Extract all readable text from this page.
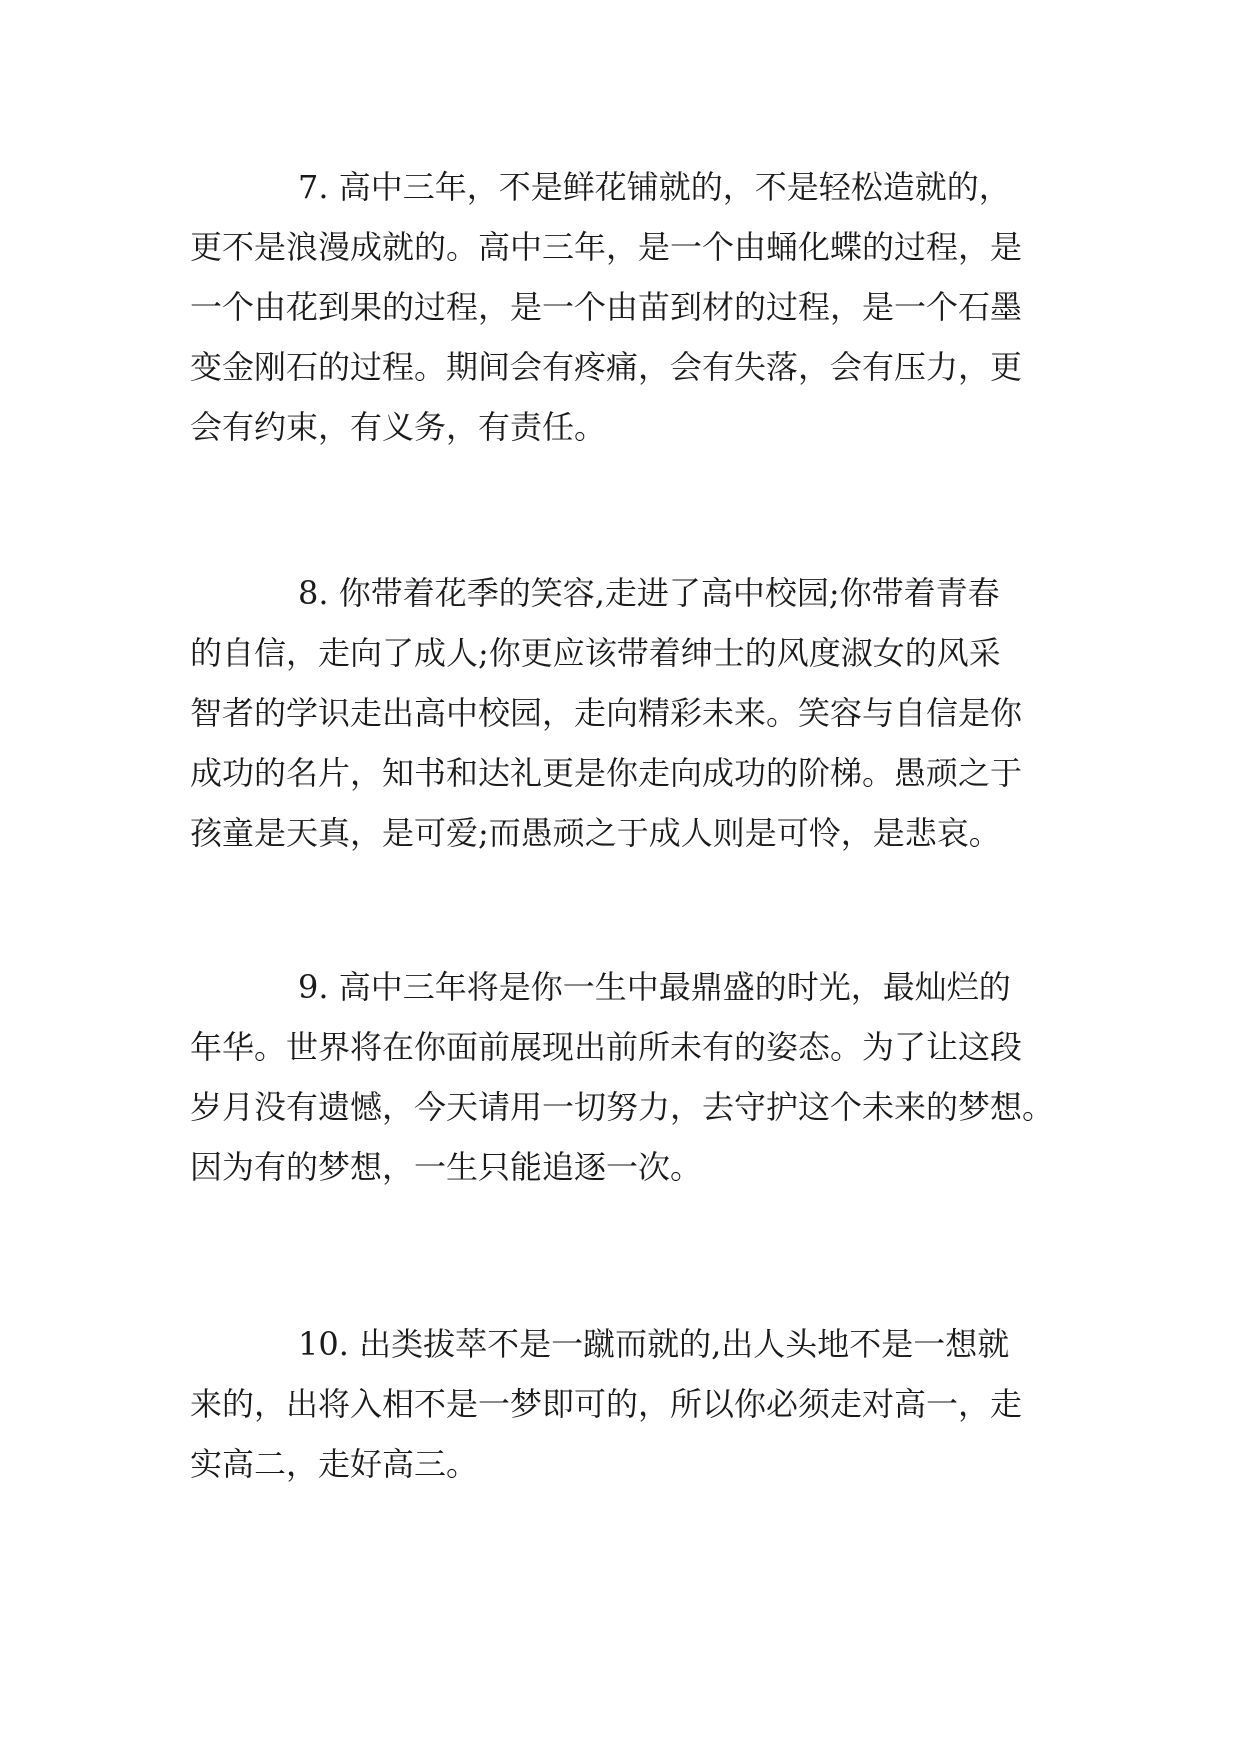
7. 高中三年，不是鲜花铺就的，不是轻松造就的，
更不是浪漫成就的。高中三年，是一个由蛹化蝶的过程，是
一个由花到果的过程，是一个由苗到材的过程，是一个石墨
变金刚石的过程。期间会有疼痛，会有失落，会有压力，更
会有约束，有义务，有责任。
8. 你带着花季的笑容,走进了高中校园;你带着青春
的自信，走向了成人;你更应该带着绅士的风度淑女的风采
智者的学识走出高中校园，走向精彩未来。笑容与自信是你
成功的名片，知书和达礼更是你走向成功的阶梯。愚顽之于
孩童是天真，是可爱;而愚顽之于成人则是可怜，是悲哀。
9. 高中三年将是你一生中最鼎盛的时光，最灿烂的
年华。世界将在你面前展现出前所未有的姿态。为了让这段
岁月没有遗憾，今天请用一切努力，去守护这个未来的梦想。
因为有的梦想，一生只能追逐一次。
10. 出类拔萃不是一蹴而就的,出人头地不是一想就
来的，出将入相不是一梦即可的，所以你必须走对高一，走
实高二，走好高三。
